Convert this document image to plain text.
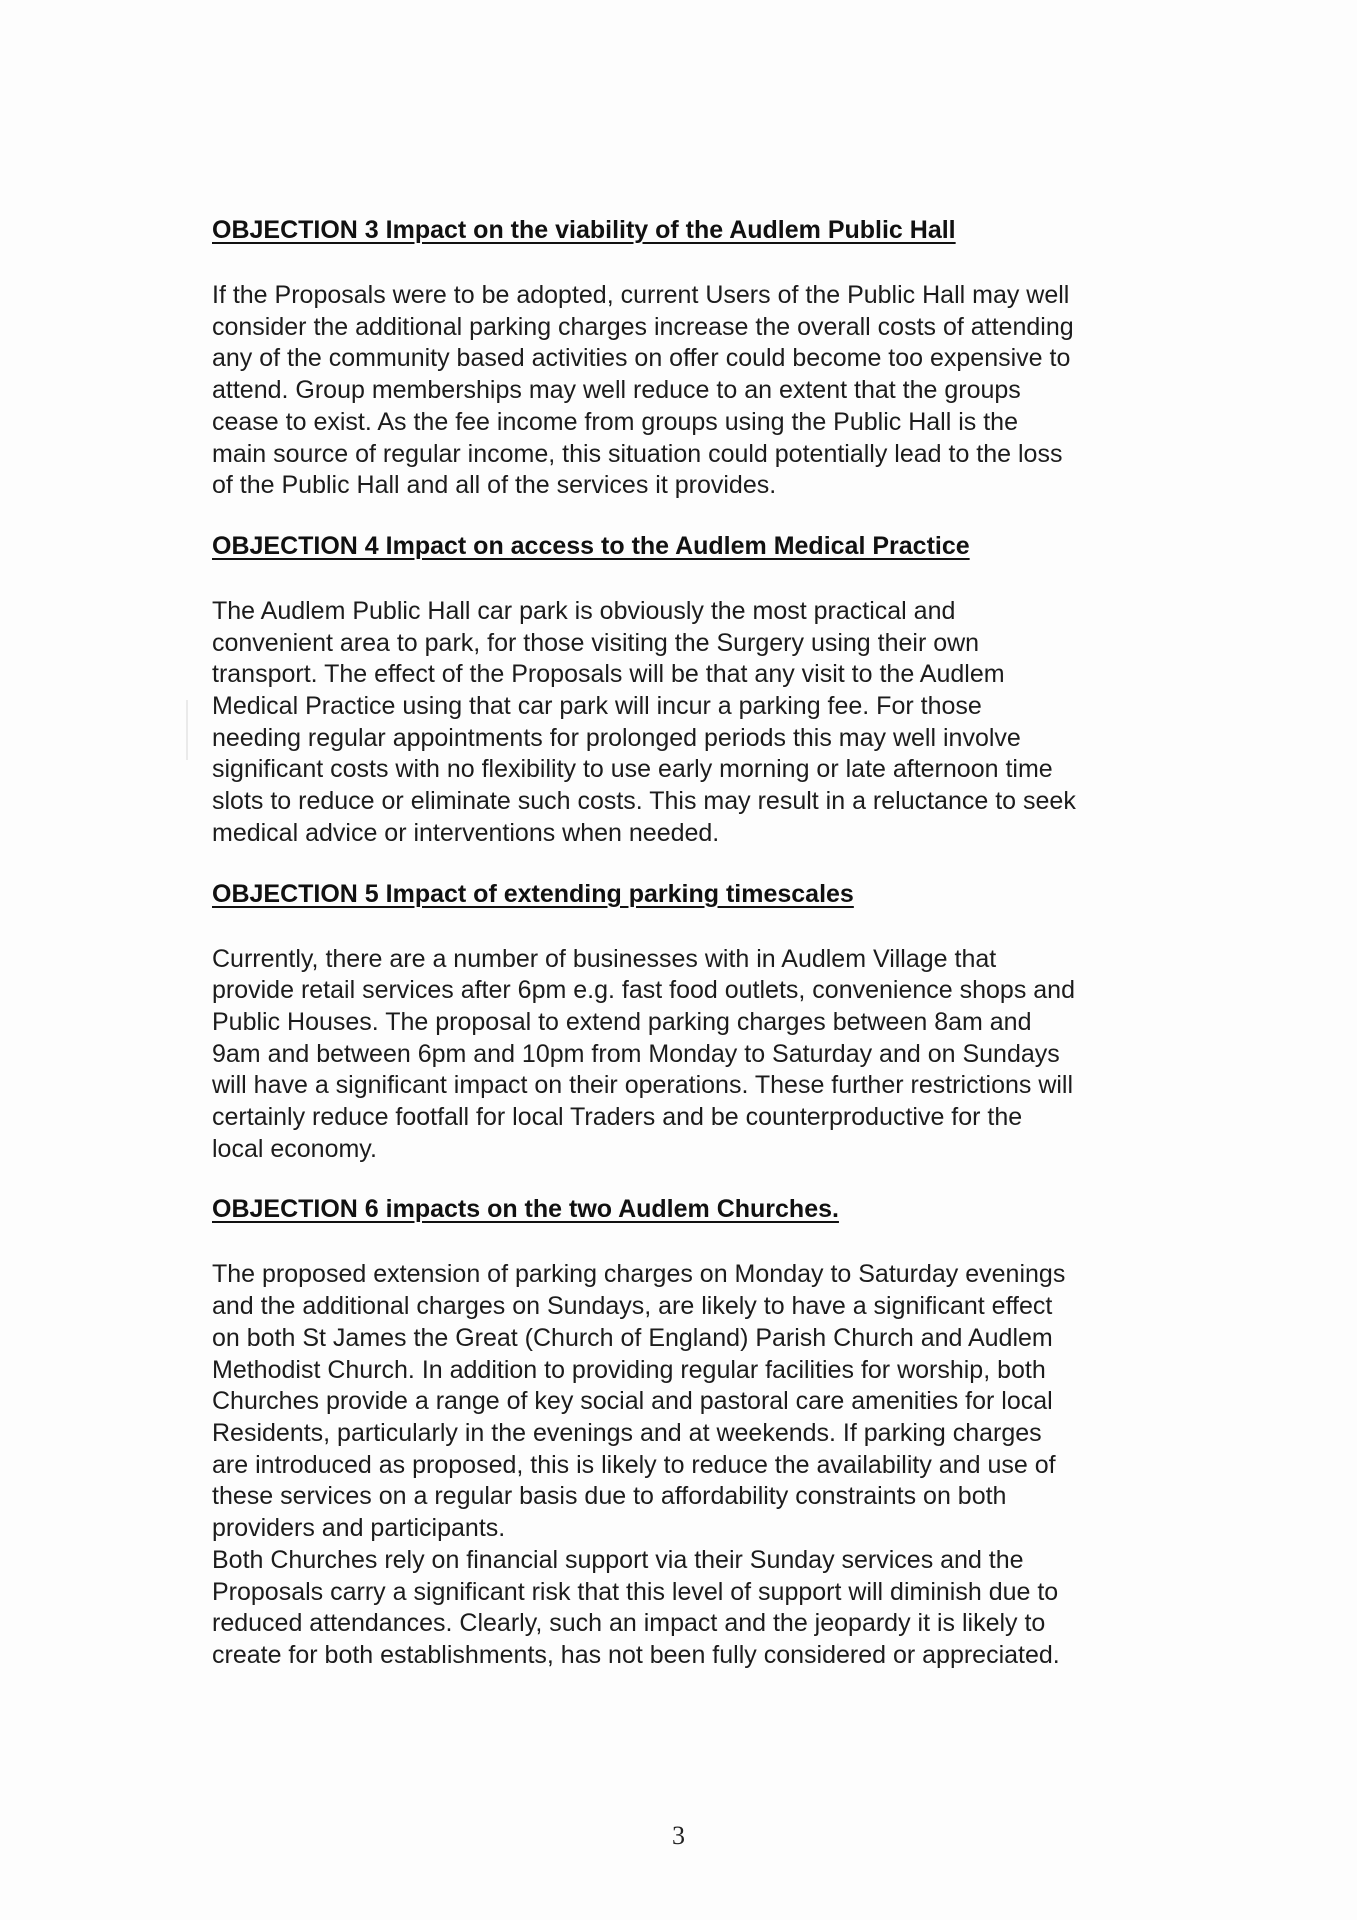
OBJECTION 3 Impact on the viability of the Audlem Public Hall

If the Proposals were to be adopted, current Users of the Public Hall may well
consider the additional parking charges increase the overall costs of attending
any of the community based activities on offer could become too expensive to
attend. Group memberships may well reduce to an extent that the groups
cease to exist. As the fee income from groups using the Public Hall is the
main source of regular income, this situation could potentially lead to the loss
of the Public Hall and all of the services it provides.

OBJECTION 4 Impact on access to the Audlem Medical Practice

The Audlem Public Hall car park is obviously the most practical and
convenient area to park, for those visiting the Surgery using their own
transport. The effect of the Proposals will be that any visit to the Audlem
Medical Practice using that car park will incur a parking fee. For those
needing regular appointments for prolonged periods this may well involve
significant costs with no flexibility to use early morning or late afternoon time
slots to reduce or eliminate such costs. This may result in a reluctance to seek
medical advice or interventions when needed.

OBJECTION 5 Impact of extending parking timescales

Currently, there are a number of businesses with in Audlem Village that
provide retail services after 6pm e.g. fast food outlets, convenience shops and
Public Houses. The proposal to extend parking charges between 8am and
9am and between 6pm and 10pm from Monday to Saturday and on Sundays
will have a significant impact on their operations. These further restrictions will
certainly reduce footfall for local Traders and be counterproductive for the
local economy.

OBJECTION 6 impacts on the two Audlem Churches.

The proposed extension of parking charges on Monday to Saturday evenings
and the additional charges on Sundays, are likely to have a significant effect
on both St James the Great (Church of England) Parish Church and Audlem
Methodist Church. In addition to providing regular facilities for worship, both
Churches provide a range of key social and pastoral care amenities for local
Residents, particularly in the evenings and at weekends. If parking charges
are introduced as proposed, this is likely to reduce the availability and use of
these services on a regular basis due to affordability constraints on both
providers and participants.

Both Churches rely on financial support via their Sunday services and the
Proposals carry a significant risk that this level of support will diminish due to
reduced attendances. Clearly, such an impact and the jeopardy it is likely to
create for both establishments, has not been fully considered or appreciated.

3
